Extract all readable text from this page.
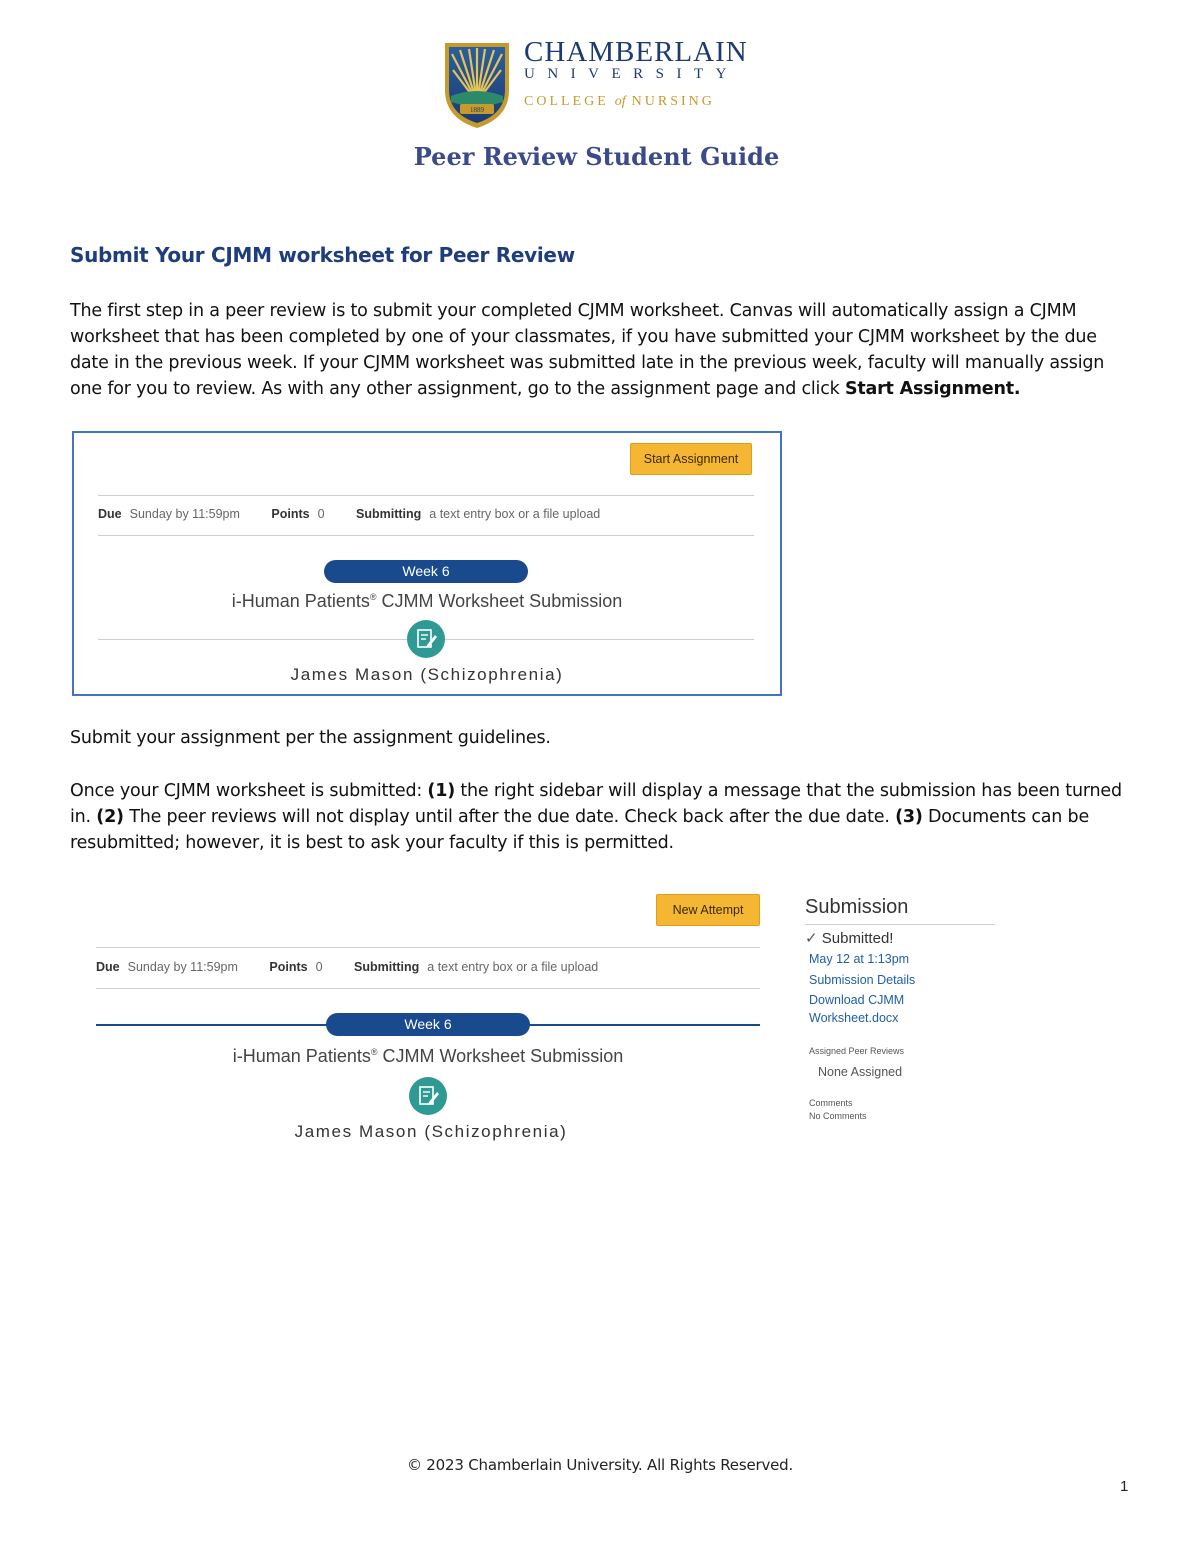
1889
CHAMBERLAIN
UNIVERSITY
COLLEGE of NURSING
Peer Review Student Guide
Submit Your CJMM worksheet for Peer Review
The first step in a peer review is to submit your completed CJMM worksheet. Canvas will automatically assign a CJMM worksheet that has been completed by one of your classmates, if you have submitted your CJMM worksheet by the due date in the previous week. If your CJMM worksheet was submitted late in the previous week, faculty will manually assign one for you to review. As with any other assignment, go to the assignment page and click Start Assignment.
Start Assignment
Due Sunday by 11:59pm	Points 0	Submitting a text entry box or a file upload
Week 6
i-Human Patients® CJMM Worksheet Submission
James Mason (Schizophrenia)
Submit your assignment per the assignment guidelines.
Once your CJMM worksheet is submitted: (1) the right sidebar will display a message that the submission has been turned in. (2) The peer reviews will not display until after the due date. Check back after the due date. (3) Documents can be resubmitted; however, it is best to ask your faculty if this is permitted.
New Attempt
Due Sunday by 11:59pm	Points 0	Submitting a text entry box or a file upload
Week 6
i-Human Patients® CJMM Worksheet Submission
James Mason (Schizophrenia)
Submission
✓ Submitted!
May 12 at 1:13pm
Submission Details
Download CJMM
Worksheet.docx
Assigned Peer Reviews
None Assigned
Comments
No Comments
© 2023 Chamberlain University. All Rights Reserved.
1
